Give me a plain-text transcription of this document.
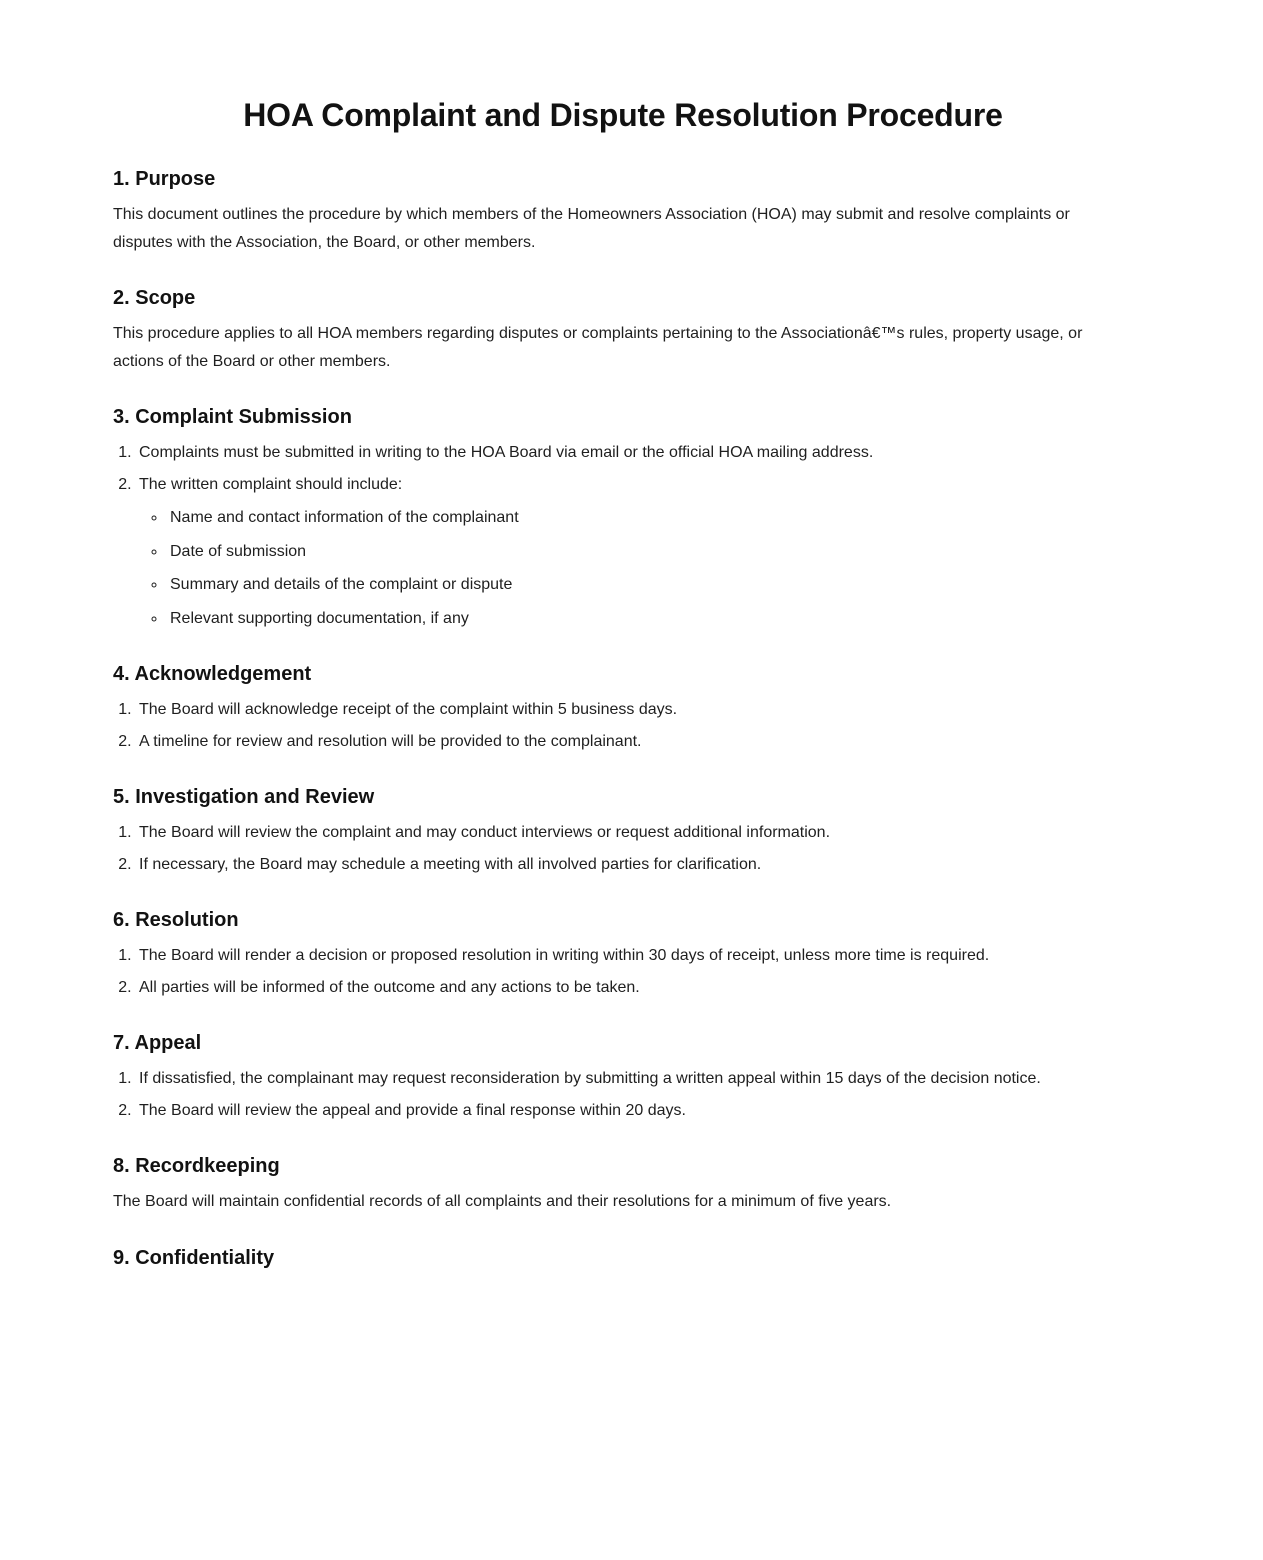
HOA Complaint and Dispute Resolution Procedure
1. Purpose

This document outlines the procedure by which members of the Homeowners Association (HOA) may submit and resolve complaints or disputes with the Association, the Board, or other members.

2. Scope

This procedure applies to all HOA members regarding disputes or complaints pertaining to the Associationâ€™s rules, property usage, or actions of the Board or other members.

3. Complaint Submission
1. Complaints must be submitted in writing to the HOA Board via email or the official HOA mailing address.
2. The written complaint should include:
◦ Name and contact information of the complainant
◦ Date of submission
◦ Summary and details of the complaint or dispute
◦ Relevant supporting documentation, if any
4. Acknowledgement
1. The Board will acknowledge receipt of the complaint within 5 business days.
2. A timeline for review and resolution will be provided to the complainant.
5. Investigation and Review
1. The Board will review the complaint and may conduct interviews or request additional information.
2. If necessary, the Board may schedule a meeting with all involved parties for clarification.
6. Resolution
1. The Board will render a decision or proposed resolution in writing within 30 days of receipt, unless more time is required.
2. All parties will be informed of the outcome and any actions to be taken.
7. Appeal
1. If dissatisfied, the complainant may request reconsideration by submitting a written appeal within 15 days of the decision notice.
2. The Board will review the appeal and provide a final response within 20 days.
8. Recordkeeping

The Board will maintain confidential records of all complaints and their resolutions for a minimum of five years.

9. Confidentiality
